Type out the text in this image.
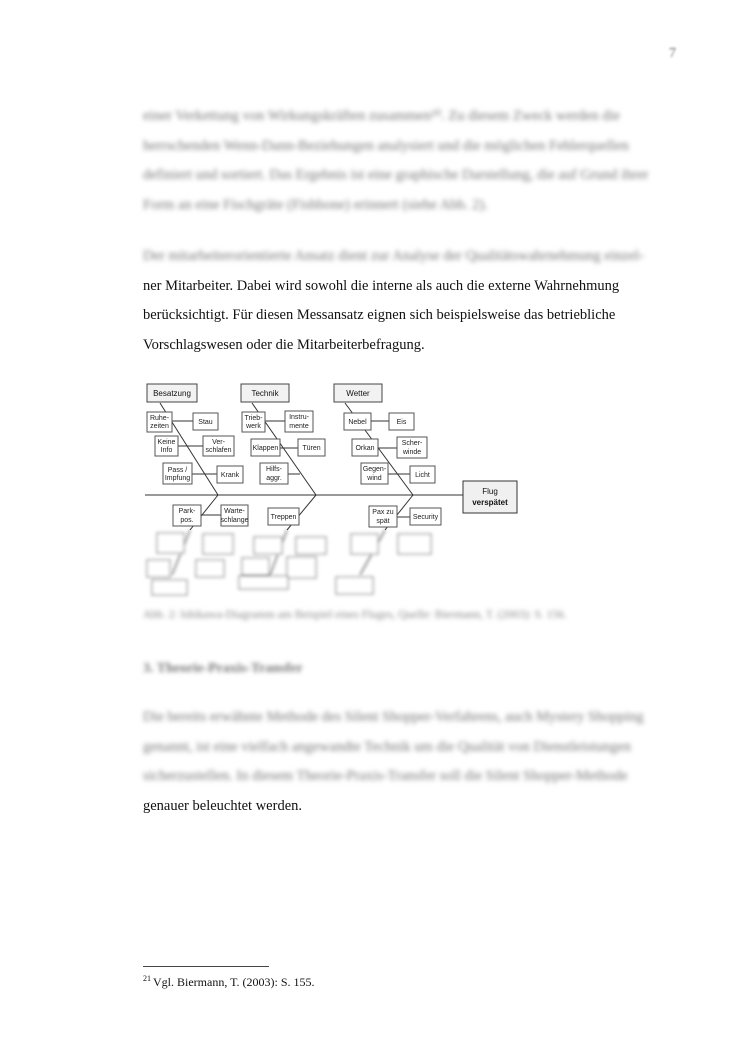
7
einer Verkettung von Wirkungskräften zusammen²⁰. Zu diesem Zweck werden die
herrschenden Wenn-Dann-Beziehungen analysiert und die möglichen Fehlerquellen
definiert und sortiert. Das Ergebnis ist eine graphische Darstellung, die auf Grund ihrer
Form an eine Fischgräte (Fishbone) erinnert (siehe Abb. 2).
Der mitarbeiterorientierte Ansatz dient zur Analyse der Qualitätswahrnehmung einzel-
ner Mitarbeiter. Dabei wird sowohl die interne als auch die externe Wahrnehmung
berücksichtigt. Für diesen Messansatz eignen sich beispielsweise das betriebliche
Vorschlagswesen oder die Mitarbeiterbefragung.
Besatzung	Technik	Wetter
Flug
verspätet
Ruhe-
zeiten
Stau
Keine
Info
Ver-
schlafen
Pass /
Impfung	Krank
Trieb-
werk
Instru-
mente
Klappen	Türen
Hilfs-
aggr.
Nebel	Eis
Orkan
Scher-
winde
Gegen-
wind	Licht
Park-
pos.
Warte-
schlange	Treppen
Pax zu
spät
Security
Abb. 2: Ishikawa-Diagramm am Beispiel eines Fluges, Quelle: Biermann, T. (2003): S. 156.
3. Theorie-Praxis-Transfer
Die bereits erwähnte Methode des Silent Shopper-Verfahrens, auch Mystery Shopping
genannt, ist eine vielfach angewandte Technik um die Qualität von Dienstleistungen
sicherzustellen. In diesem Theorie-Praxis-Transfer soll die Silent Shopper-Methode
genauer beleuchtet werden.
$^{21}$ Vgl. Biermann, T. (2003): S. 155.
